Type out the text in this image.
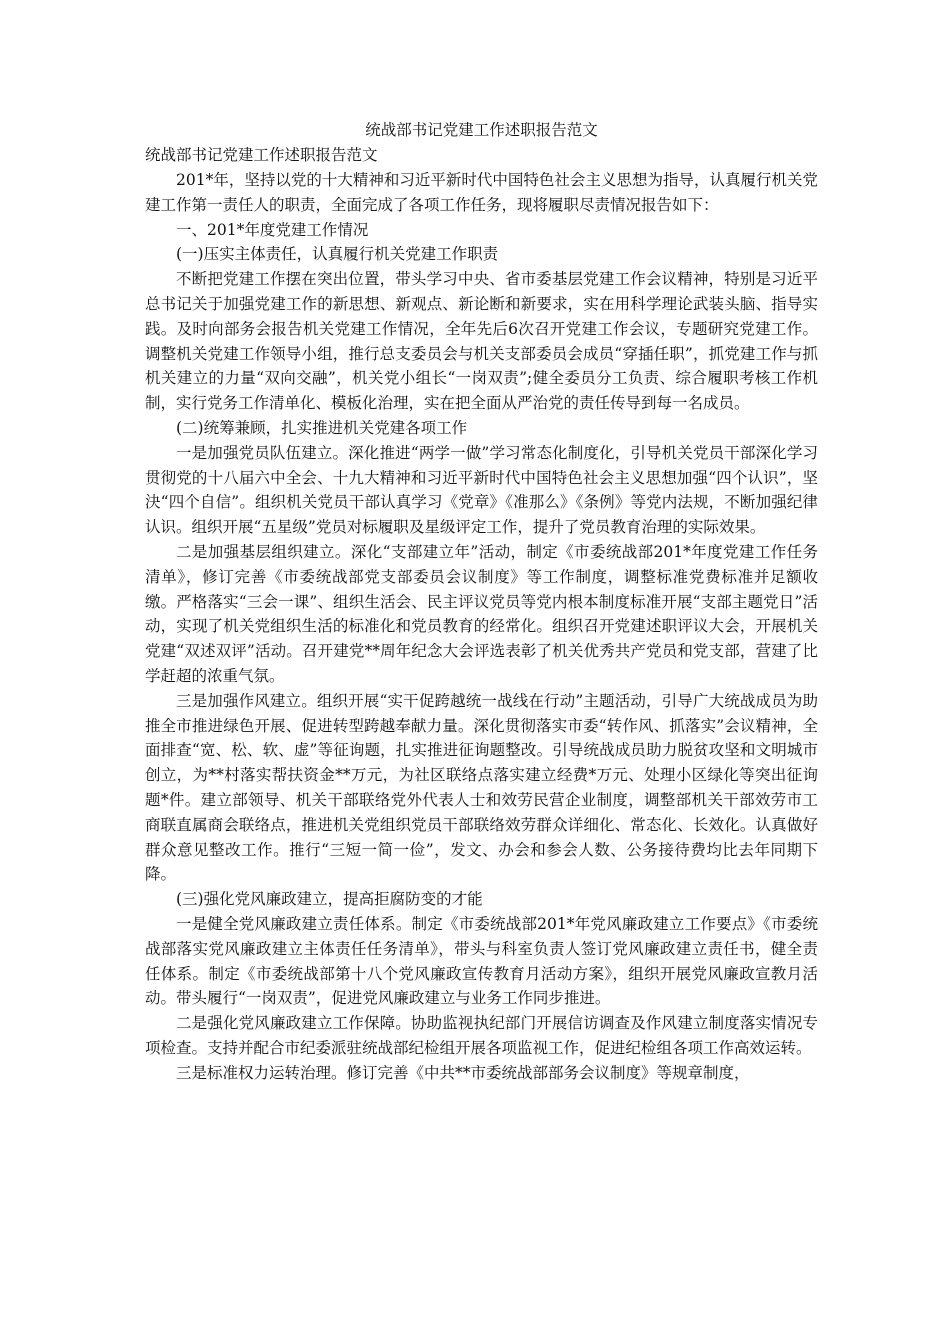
统战部书记党建工作述职报告范文
统战部书记党建工作述职报告范文

201*年，坚持以党的十大精神和习近平新时代中国特色社会主义思想为指导，认真履行机关党建工作第一责任人的职责，全面完成了各项工作任务，现将履职尽责情况报告如下：

一、201*年度党建工作情况

(一)压实主体责任，认真履行机关党建工作职责

不断把党建工作摆在突出位置，带头学习中央、省市委基层党建工作会议精神，特别是习近平总书记关于加强党建工作的新思想、新观点、新论断和新要求，实在用科学理论武装头脑、指导实践。及时向部务会报告机关党建工作情况，全年先后6次召开党建工作会议，专题研究党建工作。调整机关党建工作领导小组，推行总支委员会与机关支部委员会成员“穿插任职”，抓党建工作与抓机关建立的力量“双向交融”，机关党小组长“一岗双责”;健全委员分工负责、综合履职考核工作机制，实行党务工作清单化、模板化治理，实在把全面从严治党的责任传导到每一名成员。

(二)统筹兼顾，扎实推进机关党建各项工作

一是加强党员队伍建立。深化推进“两学一做”学习常态化制度化，引导机关党员干部深化学习贯彻党的十八届六中全会、十九大精神和习近平新时代中国特色社会主义思想加强“四个认识”，坚決“四个自信”。组织机关党员干部认真学习《党章》《准那么》《条例》等党内法规，不断加强纪律认识。组织开展“五星级”党员对标履职及星级评定工作，提升了党员教育治理的实际效果。

二是加强基层组织建立。深化“支部建立年”活动，制定《市委统战部201*年度党建工作任务清单》，修订完善《市委统战部党支部委员会议制度》等工作制度，调整标准党费标准并足额收缴。严格落实“三会一课”、组织生活会、民主评议党员等党内根本制度标准开展“支部主题党日”活动，实现了机关党组织生活的标准化和党员教育的经常化。组织召开党建述职评议大会，开展机关党建“双述双评”活动。召开建党**周年纪念大会评选表彰了机关优秀共产党员和党支部，营建了比学赶超的浓重气氛。

三是加强作风建立。组织开展“实干促跨越统一战线在行动”主题活动，引导广大统战成员为助推全市推进绿色开展、促进转型跨越奉献力量。深化贯彻落实市委“转作风、抓落实”会议精神，全面排查“宽、松、软、虚”等征询题，扎实推进征询题整改。引导统战成员助力脱贫攻坚和文明城市创立，为**村落实帮扶资金**万元，为社区联络点落实建立经费*万元、处理小区绿化等突出征询题*件。建立部领导、机关干部联络党外代表人士和效劳民营企业制度，调整部机关干部效劳市工商联直属商会联络点，推进机关党组织党员干部联络效劳群众详细化、常态化、长效化。认真做好群众意见整改工作。推行“三短一简一俭”，发文、办会和参会人数、公务接待费均比去年同期下降。

(三)强化党风廉政建立，提高拒腐防变的才能

一是健全党风廉政建立责任体系。制定《市委统战部201*年党风廉政建立工作要点》《市委统战部落实党风廉政建立主体责任任务清单》，带头与科室负责人签订党风廉政建立责任书，健全责任体系。制定《市委统战部第十八个党风廉政宣传教育月活动方案》，组织开展党风廉政宣教月活动。带头履行“一岗双责”，促进党风廉政建立与业务工作同步推进。

二是强化党风廉政建立工作保障。协助监视执纪部门开展信访调查及作风建立制度落实情况专项检查。支持并配合市纪委派驻统战部纪检组开展各项监视工作，促进纪检组各项工作高效运转。

三是标准权力运转治理。修订完善《中共**市委统战部部务会议制度》等规章制度，
